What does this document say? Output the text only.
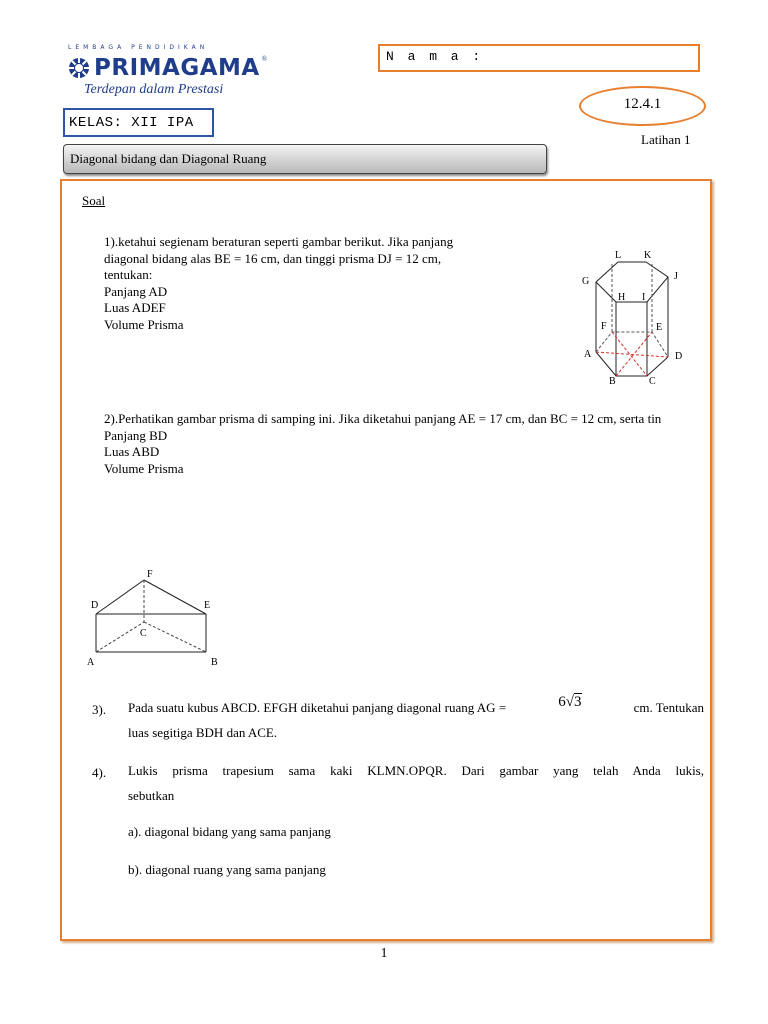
LEMBAGA PENDIDIKAN
PRIMAGAMA ®
Terdepan dalam Prestasi
N a m a :
12.4.1
KELAS: XII IPA
Latihan 1
Diagonal bidang dan Diagonal Ruang
Soal
1).ketahui segienam beraturan seperti gambar berikut. Jika panjang
diagonal bidang alas BE = 16 cm, dan tinggi prisma DJ = 12 cm,
tentukan:
Panjang AD
Luas ADEF
Volume Prisma
L K
G	J
H I
F	E
A	D
B	C
2).Perhatikan gambar prisma di samping ini. Jika diketahui panjang AE = 17 cm, dan BC = 12 cm, serta tin
Panjang BD
Luas ABD
Volume Prisma
F
D	E
C
A	B
3). Pada suatu kubus ABCD. EFGH diketahui panjang diagonal ruang AG =	6√3	cm. Tentukan
luas segitiga BDH dan ACE.
4). Lukis prisma trapesium sama kaki KLMN.OPQR. Dari gambar yang telah Anda lukis,
sebutkan
a). diagonal bidang yang sama panjang
b). diagonal ruang yang sama panjang
1
